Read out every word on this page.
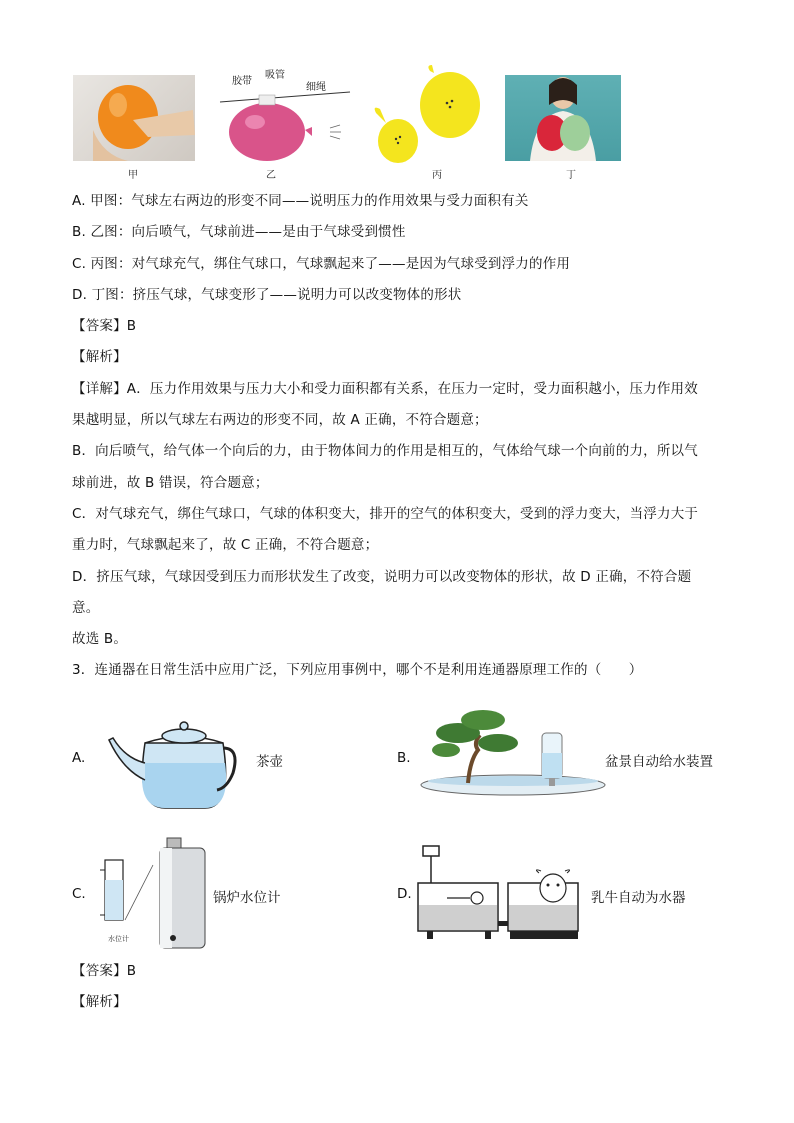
甲
胶带
吸管
细绳
乙	丙	丁
A. 甲图：气球左右两边的形变不同——说明压力的作用效果与受力面积有关
B. 乙图：向后喷气，气球前进——是由于气球受到惯性
C. 丙图：对气球充气，绑住气球口，气球飘起来了——是因为气球受到浮力的作用
D. 丁图：挤压气球，气球变形了——说明力可以改变物体的形状
【答案】B
【解析】
【详解】A．压力作用效果与压力大小和受力面积都有关系，在压力一定时，受力面积越小，压力作用效
果越明显，所以气球左右两边的形变不同，故 A 正确，不符合题意；
B．向后喷气，给气体一个向后的力，由于物体间力的作用是相互的，气体给气球一个向前的力，所以气
球前进，故 B 错误，符合题意；
C．对气球充气，绑住气球口，气球的体积变大，排开的空气的体积变大，受到的浮力变大，当浮力大于
重力时，气球飘起来了，故 C 正确，不符合题意；
D．挤压气球，气球因受到压力而形状发生了改变，说明力可以改变物体的形状，故 D 正确，不符合题
意。
故选 B。
3．连通器在日常生活中应用广泛，下列应用事例中，哪个不是利用连通器原理工作的（　　）
A.	茶壶	B.	盆景自动给水装置
C.
水位计
锅炉水位计	D.	乳牛自动为水器
【答案】B
【解析】
